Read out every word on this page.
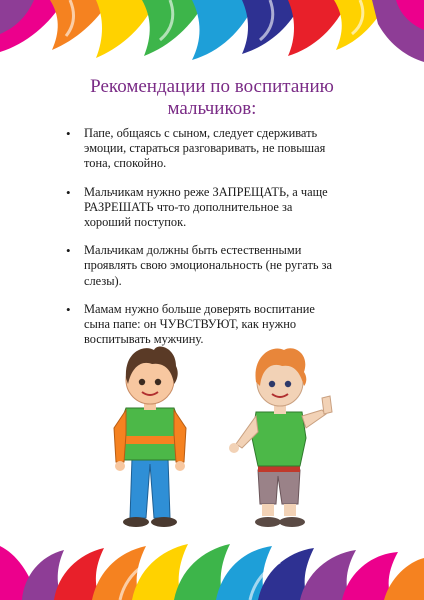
Рекомендации по воспитанию
мальчиков:
• Папе, общаясь с сыном, следует сдерживать
эмоции, стараться разговаривать, не повышая
тона, спокойно.
• Мальчикам нужно реже ЗАПРЕЩАТЬ, а чаще
РАЗРЕШАТЬ что-то дополнительное за
хороший поступок.
• Мальчикам должны быть естественными
проявлять свою эмоциональность (не ругать за
слезы).
• Мамам нужно больше доверять воспитание
сына папе: он ЧУВСТВУЮТ, как нужно
воспитывать мужчину.
